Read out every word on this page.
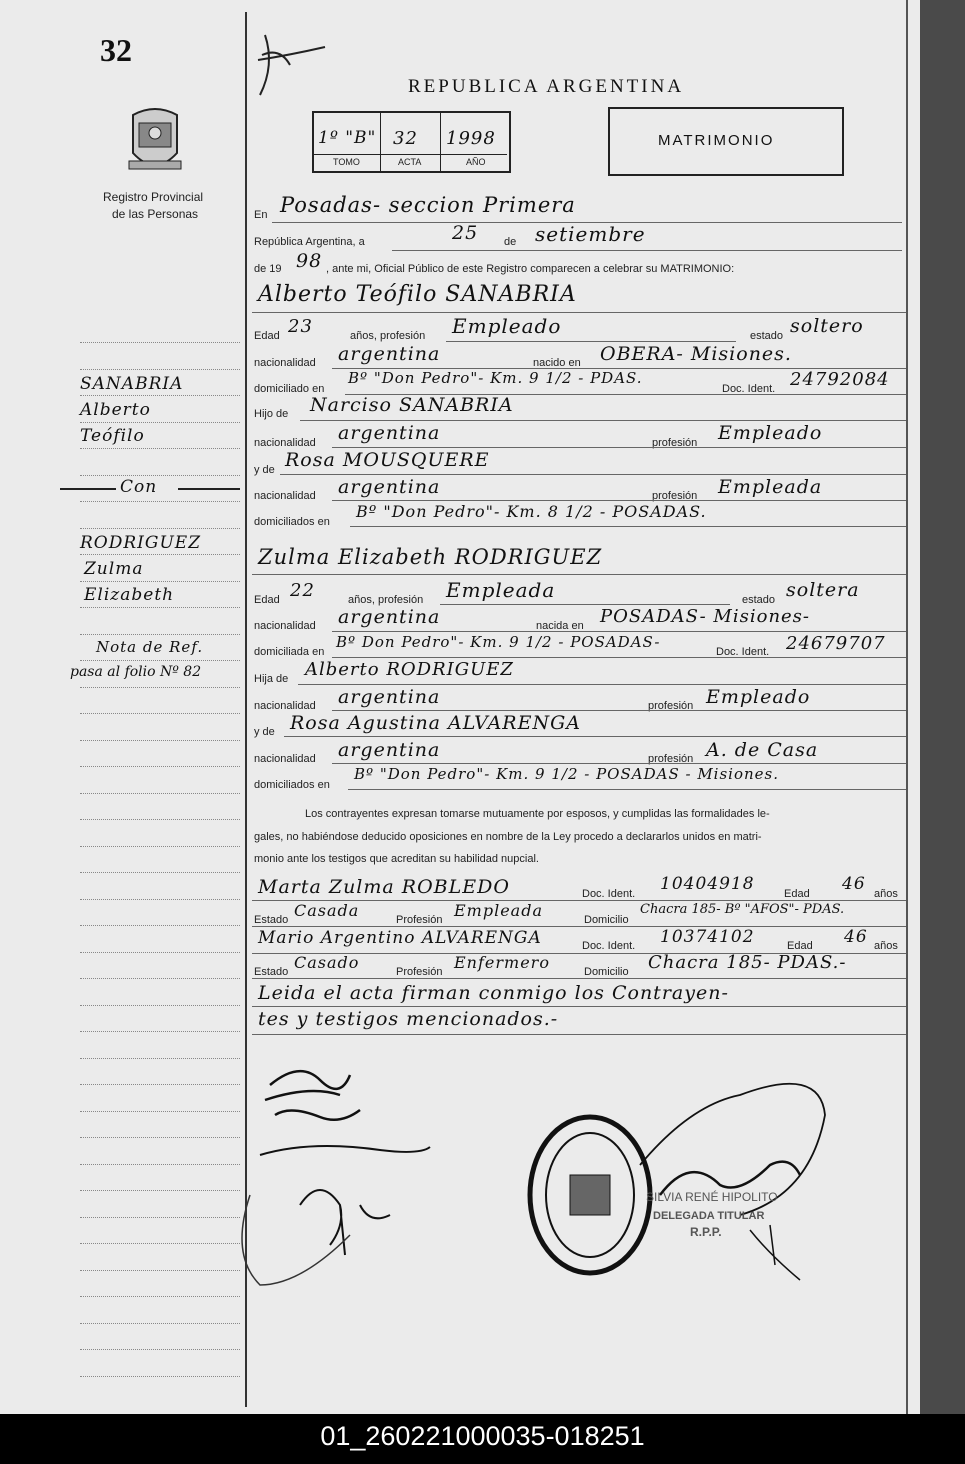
32
Registro Provincial
de las Personas
REPUBLICA ARGENTINA
1º "B" 32 1998
TOMO	ACTA	AÑO
MATRIMONIO
En Posadas- seccion Primera
República Argentina, a	25 de setiembre
de 19 98 , ante mi, Oficial Público de este Registro comparecen a celebrar su MATRIMONIO:
Alberto Teófilo SANABRIA
Edad 23	años, profesión Empleado	estado soltero
nacionalidad argentina	nacido en OBERA- Misiones.
domiciliado en
Bº "Don Pedro"- Km. 9 1/2 - PDAS.
Doc. Ident. 24792084
Hijo de Narciso SANABRIA
nacionalidad argentina	profesión Empleado
y de Rosa MOUSQUERE
nacionalidad argentina	profesión Empleada
domiciliados en
Bº "Don Pedro"- Km. 8 1/2 - POSADAS.
Zulma Elizabeth RODRIGUEZ
Edad 22	años, profesión Empleada	estado soltera
nacionalidad argentina	nacida en POSADAS- Misiones-
domiciliada en
Bº Don Pedro"- Km. 9 1/2 - POSADAS-
Doc. Ident. 24679707
Hija de Alberto RODRIGUEZ
nacionalidad argentina	profesión Empleado
y de Rosa Agustina ALVARENGA
nacionalidad argentina	profesión A. de Casa
domiciliados en
Bº "Don Pedro"- Km. 9 1/2 - POSADAS - Misiones.
Los contrayentes expresan tomarse mutuamente por esposos, y cumplidas las formalidades le-
gales, no habiéndose deducido oposiciones en nombre de la Ley procedo a declararlos unidos en matri-
monio ante los testigos que acreditan su habilidad nupcial.
Marta Zulma ROBLEDO	Doc. Ident. 10404918	Edad 46 años
Estado Casada	Profesión Empleada	Domicilio
Chacra 185- Bº "AFOS"- PDAS.
Mario Argentino ALVARENGA	Doc. Ident. 10374102	Edad 46 años
Estado Casado	Profesión Enfermero	Domicilio Chacra 185- PDAS.-
Leida el acta firman conmigo los Contrayen-
tes y testigos mencionados.-
SILVIA RENÉ HIPOLITO
DELEGADA TITULAR
R.P.P.
SANABRIA
Alberto
Teófilo
Con
RODRIGUEZ
Zulma
Elizabeth
Nota de Ref.
pasa al folio Nº 82
01_260221000035-018251
